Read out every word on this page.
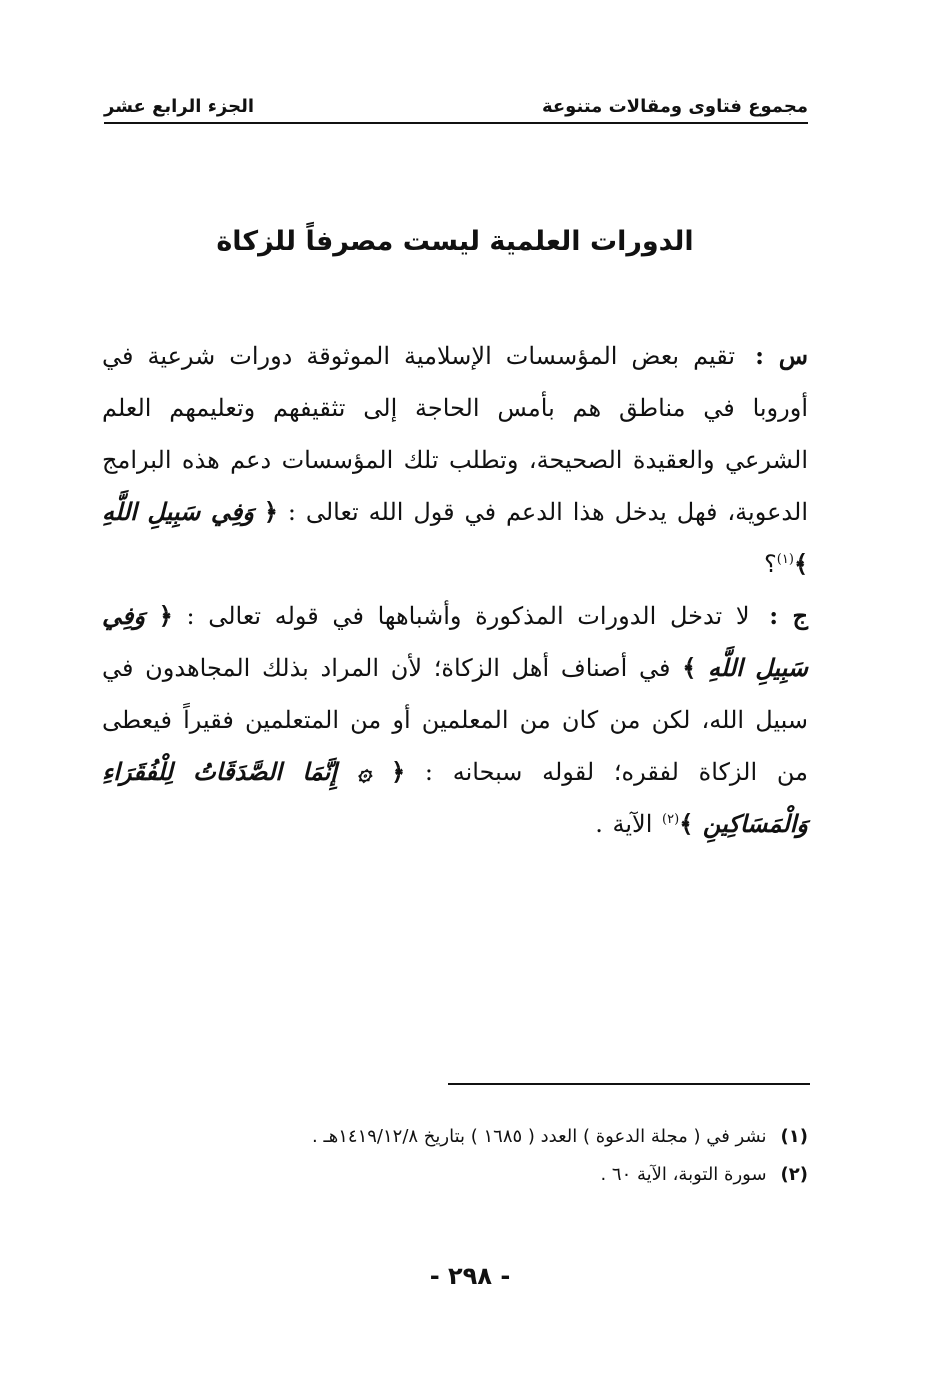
مجموع فتاوى ومقالات متنوعة
الجزء الرابع عشر
الدورات العلمية ليست مصرفاً للزكاة
س : تقيم بعض المؤسسات الإسلامية الموثوقة دورات شرعية في أوروبا في مناطق هم بأمس الحاجة إلى تثقيفهم وتعليمهم العلم الشرعي والعقيدة الصحيحة، وتطلب تلك المؤسسات دعم هذه البرامج الدعوية، فهل يدخل هذا الدعم في قول الله تعالى : ﴿ وَفِي سَبِيلِ اللَّهِ ﴾$^{(١)}$؟
ج : لا تدخل الدورات المذكورة وأشباهها في قوله تعالى : ﴿ وَفِي سَبِيلِ اللَّهِ ﴾ في أصناف أهل الزكاة؛ لأن المراد بذلك المجاهدون في سبيل الله، لكن من كان من المعلمين أو من المتعلمين فقيراً فيعطى من الزكاة لفقره؛ لقوله سبحانه : ﴿ ۞ إِنَّمَا الصَّدَقَاتُ لِلْفُقَرَاءِ وَالْمَسَاكِينِ ﴾$^{(٢)}$ الآية .
(١)
نشر في ( مجلة الدعوة ) العدد ( ١٦٨٥ ) بتاريخ ١٤١٩/١٢/٨هـ .
(٢)
سورة التوبة، الآية ٦٠ .
- ٢٩٨ -
